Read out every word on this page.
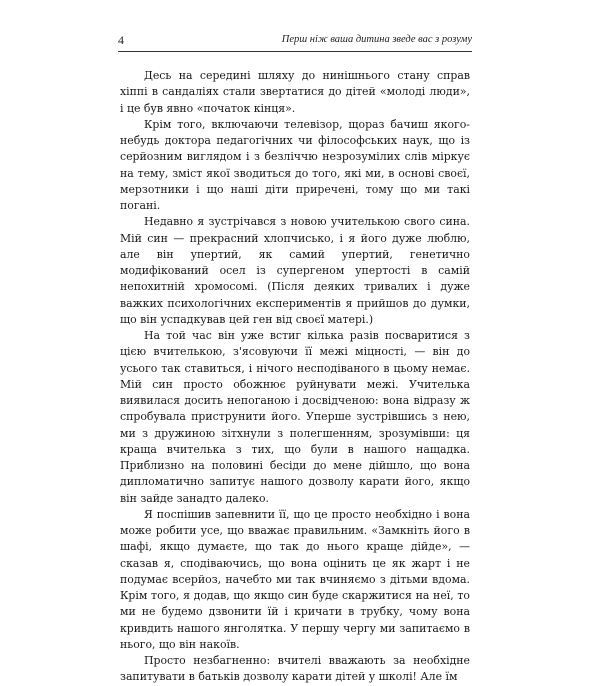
4	Перш ніж ваша дитина зведе вас з розуму

Десь на середині шляху до нинішнього стану справ хіппі в сандаліях стали звертатися до дітей «молоді люди», і це був явно «початок кінця».

Крім того, включаючи телевізор, щораз бачиш якого-небудь доктора педагогічних чи філософських наук, що із серйозним виглядом і з безліччю незрозумілих слів міркує на тему, зміст якої зводиться до того, які ми, в основі своєї, мерзотники і що наші діти приречені, тому що ми такі погані.

Недавно я зустрічався з новою учителькою свого сина. Мій син — прекрасний хлопчисько, і я його дуже люблю, але він упертий, як самий упертий, генетично модифікований осел із супергеном упертості в самій непохитній хромосомі. (Після деяких тривалих і дуже важких психологічних експериментів я прийшов до думки, що він успадкував цей ген від своєї матері.)

На той час він уже встиг кілька разів посваритися з цією вчителькою, з'ясовуючи її межі міцності, — він до усього так ставиться, і нічого несподіваного в цьому немає. Мій син просто обожнює руйнувати межі. Учителька виявилася досить непоганою і досвідченою: вона відразу ж спробувала приструнити його. Уперше зустрівшись з нею, ми з дружиною зітхнули з полегшенням, зрозумівши: ця краща вчителька з тих, що були в нашого нащадка. Приблизно на половині бесіди до мене дійшло, що вона дипломатично запитує нашого дозволу карати його, якщо він зайде занадто далеко.

Я поспішив запевнити її, що це просто необхідно і вона може робити усе, що вважає правильним. «Замкніть його в шафі, якщо думаєте, що так до нього краще дійде», — сказав я, сподіваючись, що вона оцінить це як жарт і не подумає всерйоз, начебто ми так вчиняємо з дітьми вдома. Крім того, я додав, що якщо син буде скаржитися на неї, то ми не будемо дзвонити їй і кричати в трубку, чому вона кривдить нашого янголятка. У першу чергу ми запитаємо в нього, що він накоїв.

Просто незбагненно: вчителі вважають за необхідне запитувати в батьків дозволу карати дітей у школі! Але їм
